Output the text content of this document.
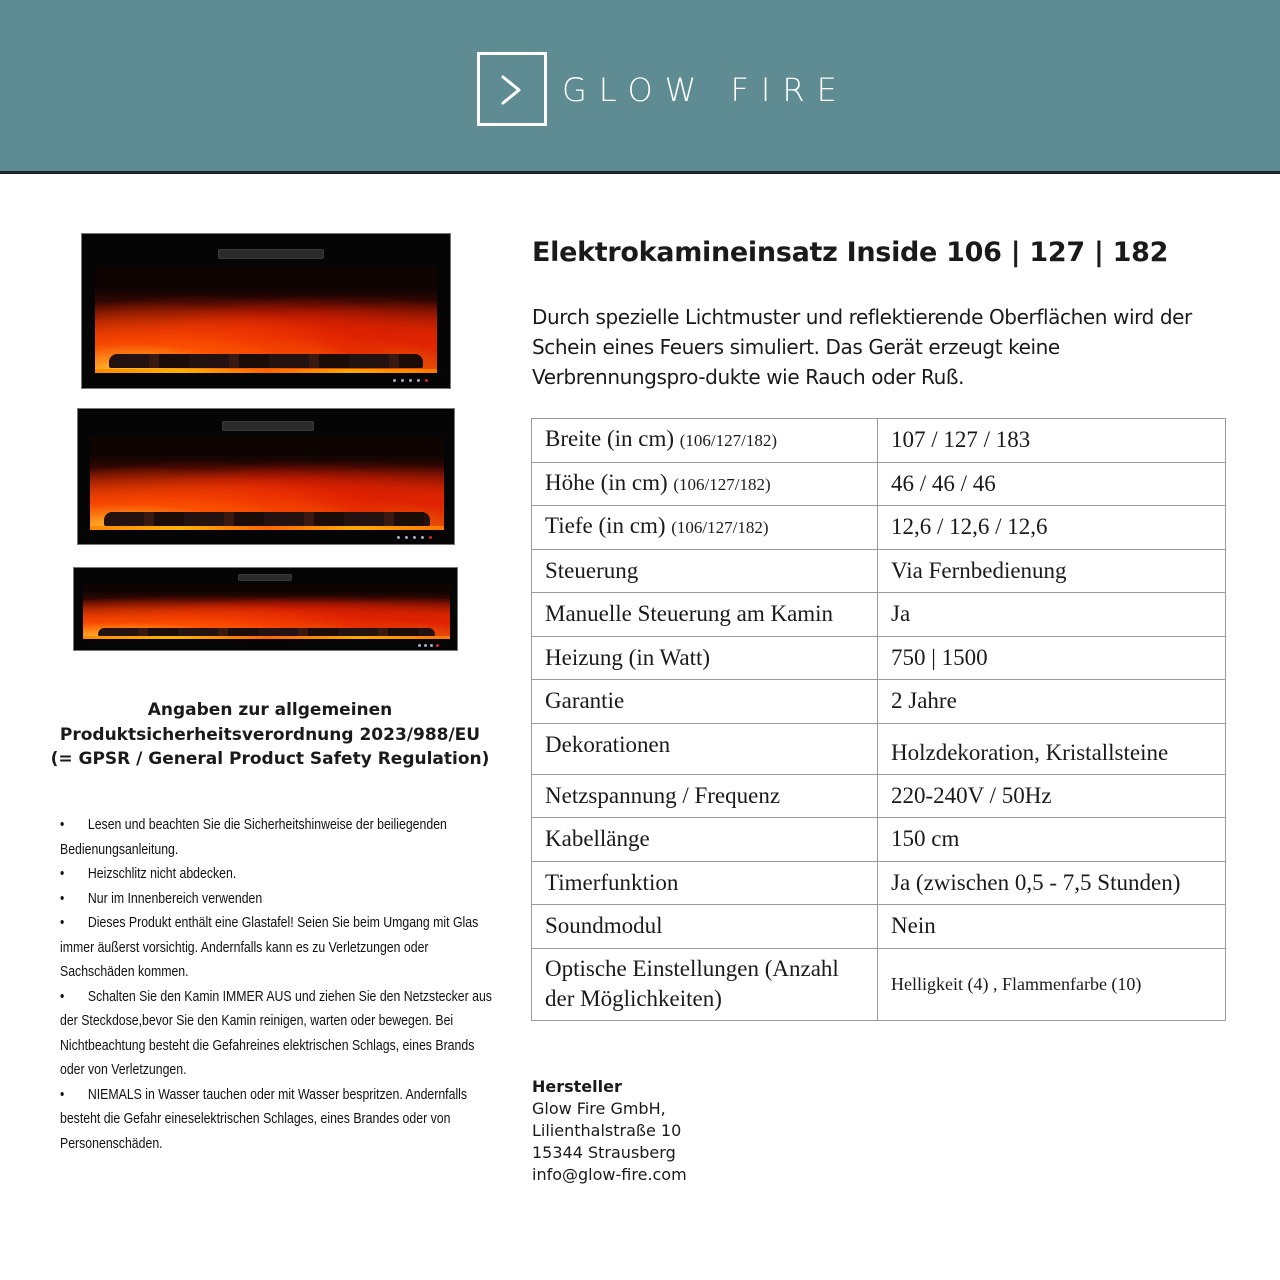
GLOW FIRE
Angaben zur allgemeinen
Produktsicherheitsverordnung 2023/988/EU
(= GPSR / General Product Safety Regulation)
• Lesen und beachten Sie die Sicherheitshinweise der beiliegenden Bedienungsanleitung.
• Heizschlitz nicht abdecken.
• Nur im Innenbereich verwenden
• Dieses Produkt enthält eine Glastafel! Seien Sie beim Umgang mit Glas immer äußerst vorsichtig. Andernfalls kann es zu Verletzungen oder Sachschäden kommen.
• Schalten Sie den Kamin IMMER AUS und ziehen Sie den Netzstecker aus der Steckdose,bevor Sie den Kamin reinigen, warten oder bewegen. Bei Nichtbeachtung besteht die Gefahreines elektrischen Schlags, eines Brands oder von Verletzungen.
• NIEMALS in Wasser tauchen oder mit Wasser bespritzen. Andernfalls besteht die Gefahr eineselektrischen Schlages, eines Brandes oder von Personenschäden.
Elektrokamineinsatz Inside 106 | 127 | 182

Durch spezielle Lichtmuster und reflektierende Oberflächen wird der Schein eines Feuers simuliert. Das Gerät erzeugt keine Verbrennungspro-dukte wie Rauch oder Ruß.

Breite (in cm) (106/127/182)	107 / 127 / 183
Höhe (in cm) (106/127/182)	46 / 46 / 46
Tiefe (in cm) (106/127/182)	12,6 / 12,6 / 12,6
Steuerung	Via Fernbedienung
Manuelle Steuerung am Kamin	Ja
Heizung (in Watt)	750 | 1500
Garantie	2 Jahre
Dekorationen	Holzdekoration, Kristallsteine
Netzspannung / Frequenz	220-240V / 50Hz
Kabellänge	150 cm
Timerfunktion	Ja (zwischen 0,5 - 7,5 Stunden)
Soundmodul	Nein
Optische Einstellungen (Anzahl der Möglichkeiten)	Helligkeit (4) , Flammenfarbe (10)
Hersteller
Glow Fire GmbH,
Lilienthalstraße 10
15344 Strausberg
info@glow-fire.com
